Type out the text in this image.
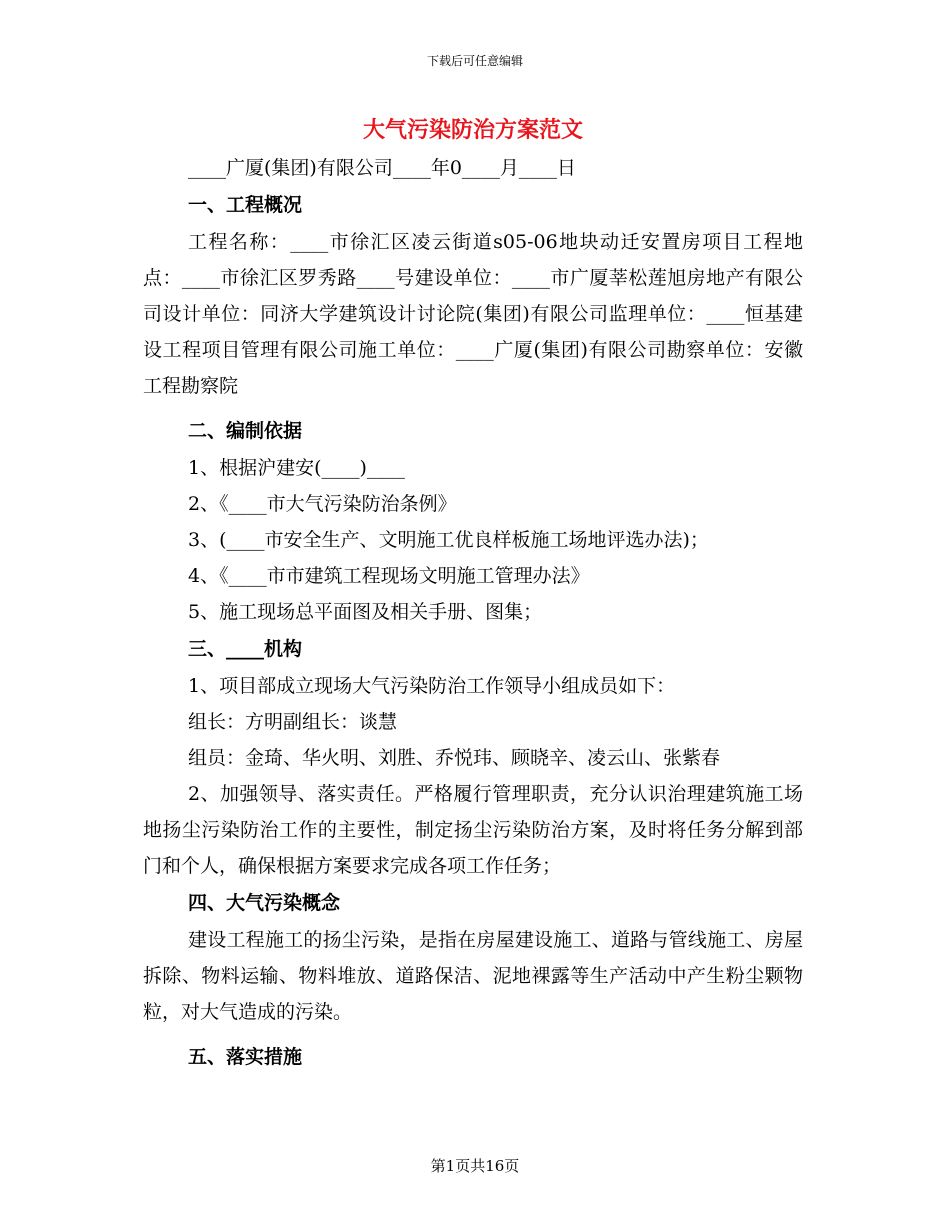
下载后可任意编辑
大气污染防治方案范文
____广厦(集团)有限公司____年0____月____日
一、工程概况
工程名称：____市徐汇区凌云街道s05-06地块动迁安置房项目工程地点：____市徐汇区罗秀路____号建设单位：____市广厦莘松莲旭房地产有限公司设计单位：同济大学建筑设计讨论院(集团)有限公司监理单位：____恒基建设工程项目管理有限公司施工单位：____广厦(集团)有限公司勘察单位：安徽工程勘察院
二、编制依据
1、根据沪建安(____)____
2、《____市大气污染防治条例》
3、(____市安全生产、文明施工优良样板施工场地评选办法)；
4、《____市市建筑工程现场文明施工管理办法》
5、施工现场总平面图及相关手册、图集；
三、____机构
1、项目部成立现场大气污染防治工作领导小组成员如下：
组长：方明副组长：谈慧
组员：金琦、华火明、刘胜、乔悦玮、顾晓辛、凌云山、张紫春
2、加强领导、落实责任。严格履行管理职责，充分认识治理建筑施工场地扬尘污染防治工作的主要性，制定扬尘污染防治方案，及时将任务分解到部门和个人，确保根据方案要求完成各项工作任务；
四、大气污染概念
建设工程施工的扬尘污染，是指在房屋建设施工、道路与管线施工、房屋拆除、物料运输、物料堆放、道路保洁、泥地裸露等生产活动中产生粉尘颗物粒，对大气造成的污染。
五、落实措施
第1页共16页
